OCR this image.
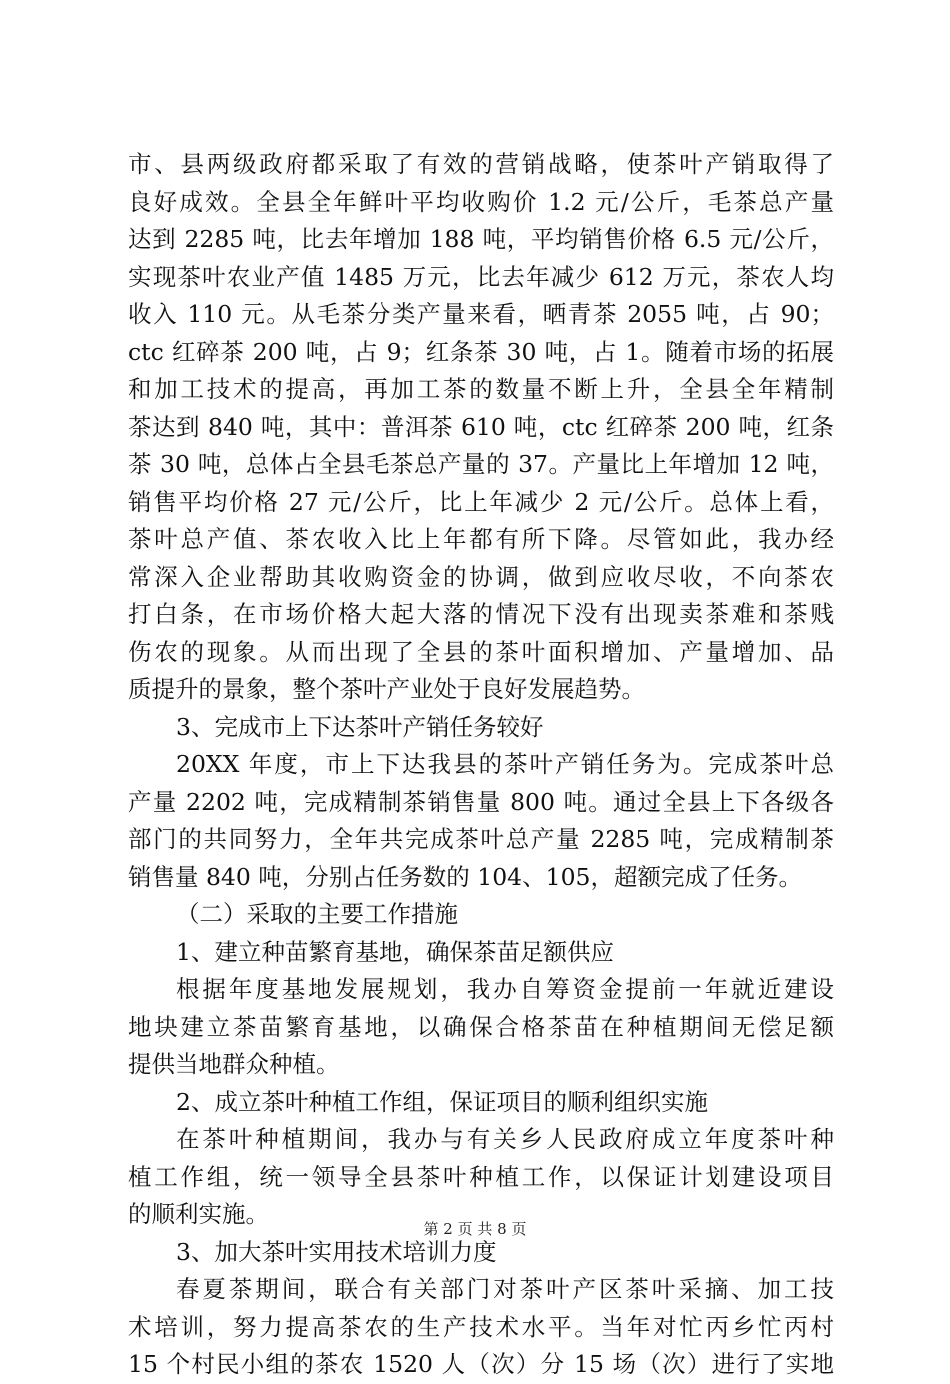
市、县两级政府都采取了有效的营销战略，使茶叶产销取得了
良好成效。全县全年鲜叶平均收购价 1.2 元/公斤，毛茶总产量
达到 2285 吨，比去年增加 188 吨，平均销售价格 6.5 元/公斤，
实现茶叶农业产值 1485 万元，比去年减少 612 万元，茶农人均
收入 110 元。从毛茶分类产量来看，晒青茶 2055 吨，占 90；
ctc 红碎茶 200 吨，占 9；红条茶 30 吨，占 1。随着市场的拓展
和加工技术的提高，再加工茶的数量不断上升，全县全年精制
茶达到 840 吨，其中：普洱茶 610 吨，ctc 红碎茶 200 吨，红条
茶 30 吨，总体占全县毛茶总产量的 37。产量比上年增加 12 吨，
销售平均价格 27 元/公斤，比上年减少 2 元/公斤。总体上看，
茶叶总产值、茶农收入比上年都有所下降。尽管如此，我办经
常深入企业帮助其收购资金的协调，做到应收尽收，不向茶农
打白条，在市场价格大起大落的情况下没有出现卖茶难和茶贱
伤农的现象。从而出现了全县的茶叶面积增加、产量增加、品
质提升的景象，整个茶叶产业处于良好发展趋势。
3、完成市上下达茶叶产销任务较好
20XX 年度，市上下达我县的茶叶产销任务为。完成茶叶总
产量 2202 吨，完成精制茶销售量 800 吨。通过全县上下各级各
部门的共同努力，全年共完成茶叶总产量 2285 吨，完成精制茶
销售量 840 吨，分别占任务数的 104、105，超额完成了任务。
（二）采取的主要工作措施
1、建立种苗繁育基地，确保茶苗足额供应
根据年度基地发展规划，我办自筹资金提前一年就近建设
地块建立茶苗繁育基地，以确保合格茶苗在种植期间无偿足额
提供当地群众种植。
2、成立茶叶种植工作组，保证项目的顺利组织实施
在茶叶种植期间，我办与有关乡人民政府成立年度茶叶种
植工作组，统一领导全县茶叶种植工作，以保证计划建设项目
的顺利实施。
3、加大茶叶实用技术培训力度
春夏茶期间，联合有关部门对茶叶产区茶叶采摘、加工技
术培训，努力提高茶农的生产技术水平。当年对忙丙乡忙丙村
15 个村民小组的茶农 1520 人（次）分 15 场（次）进行了实地
第 2 页 共 8 页
